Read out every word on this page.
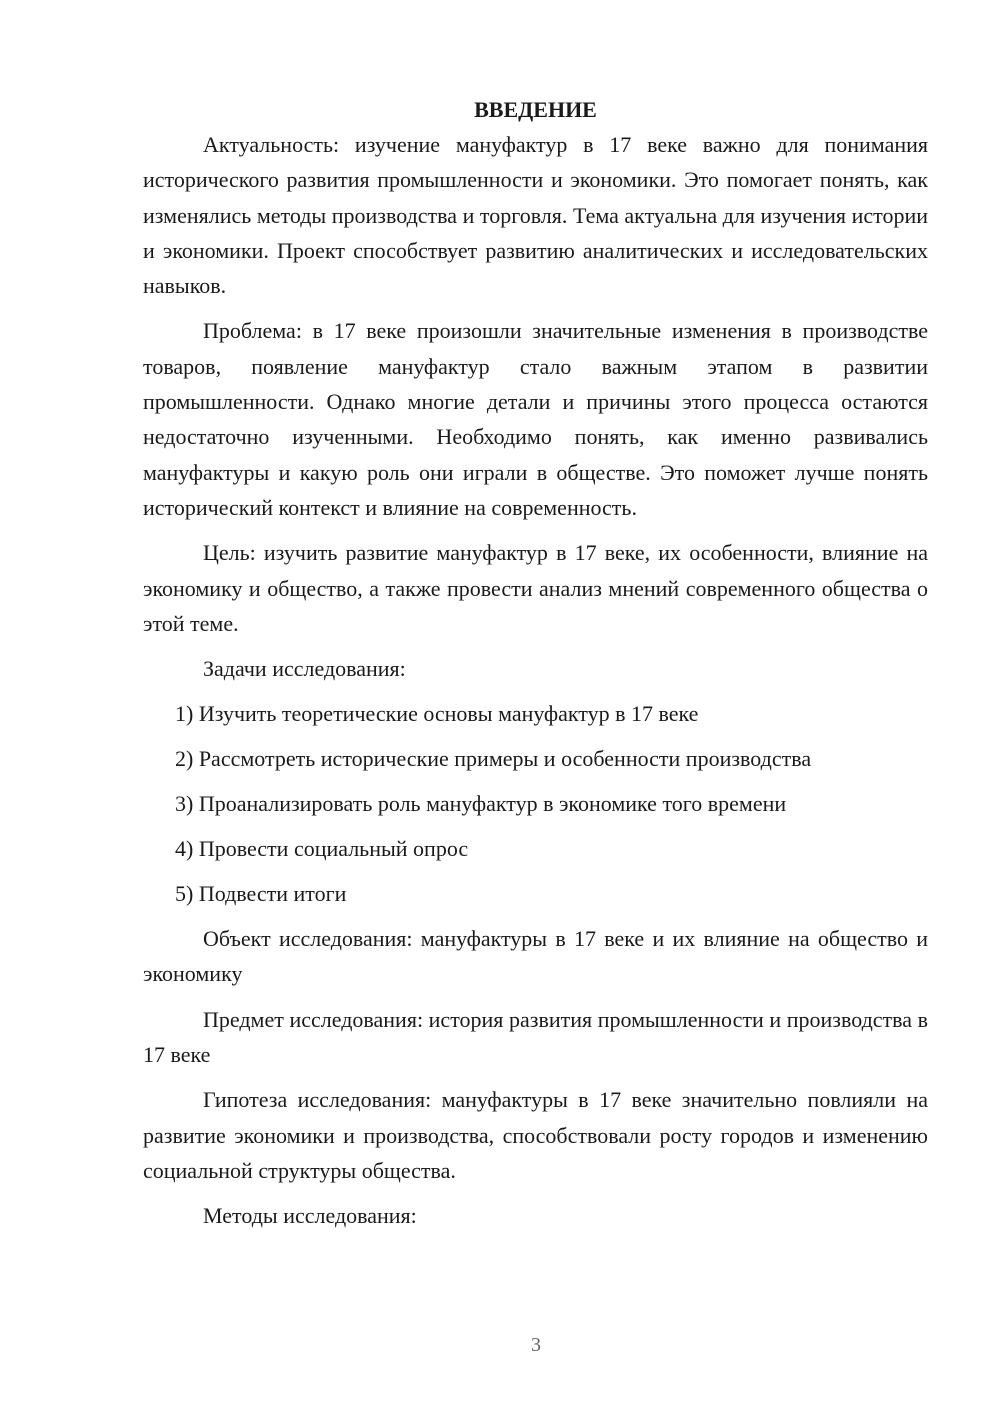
ВВЕДЕНИЕ

Актуальность: изучение мануфактур в 17 веке важно для понимания исторического развития промышленности и экономики. Это помогает понять, как изменялись методы производства и торговля. Тема актуальна для изучения истории и экономики. Проект способствует развитию аналитических и исследовательских навыков.

Проблема: в 17 веке произошли значительные изменения в производстве товаров, появление мануфактур стало важным этапом в развитии промышленности. Однако многие детали и причины этого процесса остаются недостаточно изученными. Необходимо понять, как именно развивались мануфактуры и какую роль они играли в обществе. Это поможет лучше понять исторический контекст и влияние на современность.

Цель: изучить развитие мануфактур в 17 веке, их особенности, влияние на экономику и общество, а также провести анализ мнений современного общества о этой теме.

Задачи исследования:

1) Изучить теоретические основы мануфактур в 17 веке
2) Рассмотреть исторические примеры и особенности производства
3) Проанализировать роль мануфактур в экономике того времени
4) Провести социальный опрос
5) Подвести итоги

Объект исследования: мануфактуры в 17 веке и их влияние на общество и экономику

Предмет исследования: история развития промышленности и производства в 17 веке

Гипотеза исследования: мануфактуры в 17 веке значительно повлияли на развитие экономики и производства, способствовали росту городов и изменению социальной структуры общества.

Методы исследования:

3
